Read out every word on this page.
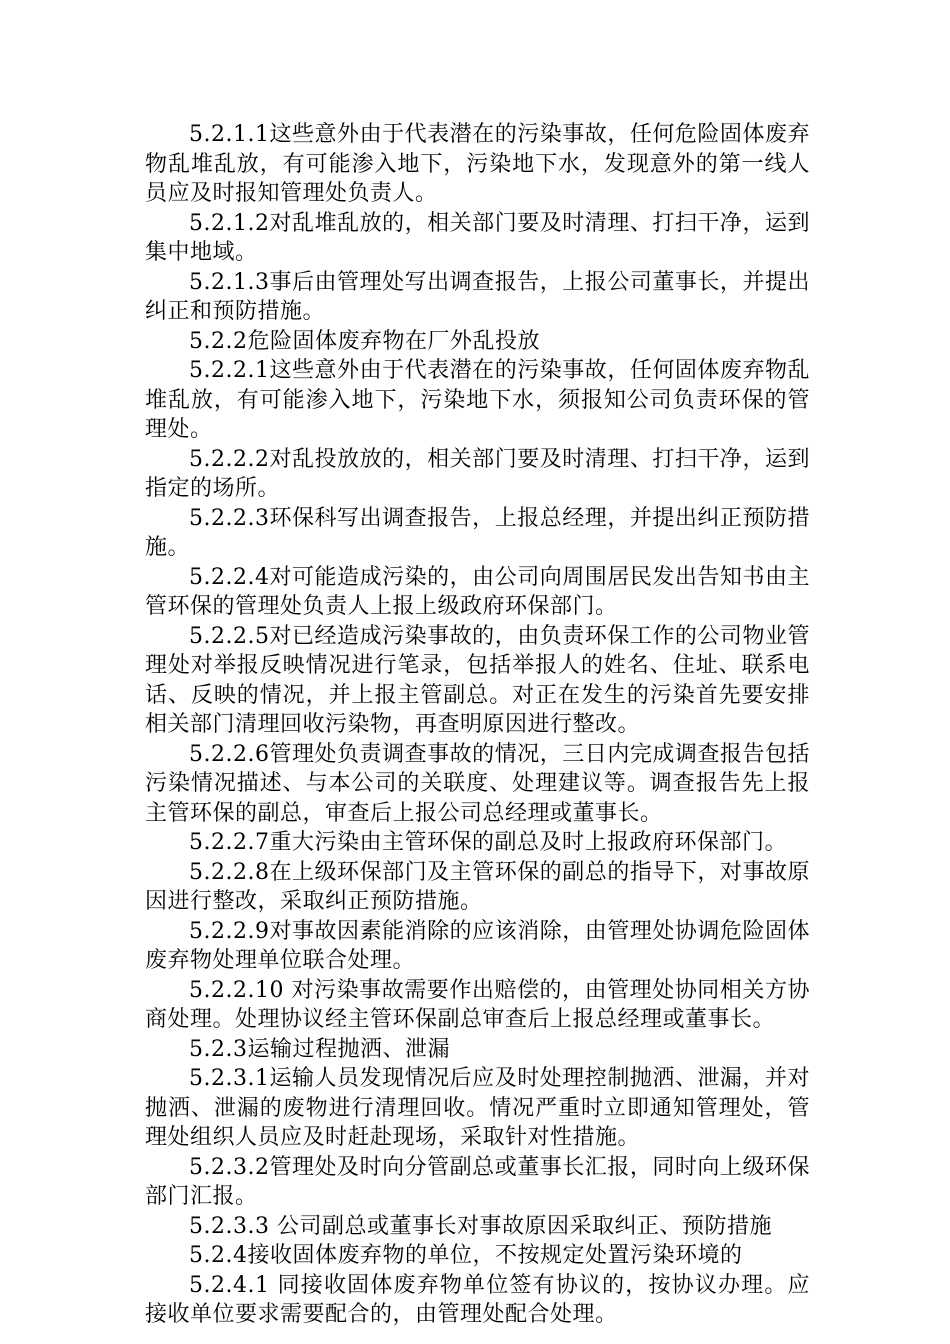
5.2.1.1这些意外由于代表潜在的污染事故，任何危险固体废弃物乱堆乱放，有可能渗入地下，污染地下水，发现意外的第一线人员应及时报知管理处负责人。

5.2.1.2对乱堆乱放的，相关部门要及时清理、打扫干净，运到集中地域。

5.2.1.3事后由管理处写出调查报告，上报公司董事长，并提出纠正和预防措施。

5.2.2危险固体废弃物在厂外乱投放

5.2.2.1这些意外由于代表潜在的污染事故，任何固体废弃物乱堆乱放，有可能渗入地下，污染地下水，须报知公司负责环保的管理处。

5.2.2.2对乱投放放的，相关部门要及时清理、打扫干净，运到指定的场所。

5.2.2.3环保科写出调查报告，上报总经理，并提出纠正预防措施。

5.2.2.4对可能造成污染的，由公司向周围居民发出告知书由主管环保的管理处负责人上报上级政府环保部门。

5.2.2.5对已经造成污染事故的，由负责环保工作的公司物业管理处对举报反映情况进行笔录，包括举报人的姓名、住址、联系电话、反映的情况，并上报主管副总。对正在发生的污染首先要安排相关部门清理回收污染物，再查明原因进行整改。

5.2.2.6管理处负责调查事故的情况，三日内完成调查报告包括污染情况描述、与本公司的关联度、处理建议等。调查报告先上报主管环保的副总，审查后上报公司总经理或董事长。

5.2.2.7重大污染由主管环保的副总及时上报政府环保部门。

5.2.2.8在上级环保部门及主管环保的副总的指导下，对事故原因进行整改，采取纠正预防措施。

5.2.2.9对事故因素能消除的应该消除，由管理处协调危险固体废弃物处理单位联合处理。

5.2.2.10 对污染事故需要作出赔偿的，由管理处协同相关方协商处理。处理协议经主管环保副总审查后上报总经理或董事长。

5.2.3运输过程抛洒、泄漏

5.2.3.1运输人员发现情况后应及时处理控制抛洒、泄漏，并对抛洒、泄漏的废物进行清理回收。情况严重时立即通知管理处，管理处组织人员应及时赶赴现场，采取针对性措施。

5.2.3.2管理处及时向分管副总或董事长汇报，同时向上级环保部门汇报。

5.2.3.3 公司副总或董事长对事故原因采取纠正、预防措施

5.2.4接收固体废弃物的单位，不按规定处置污染环境的

5.2.4.1 同接收固体废弃物单位签有协议的，按协议办理。应接收单位要求需要配合的，由管理处配合处理。
